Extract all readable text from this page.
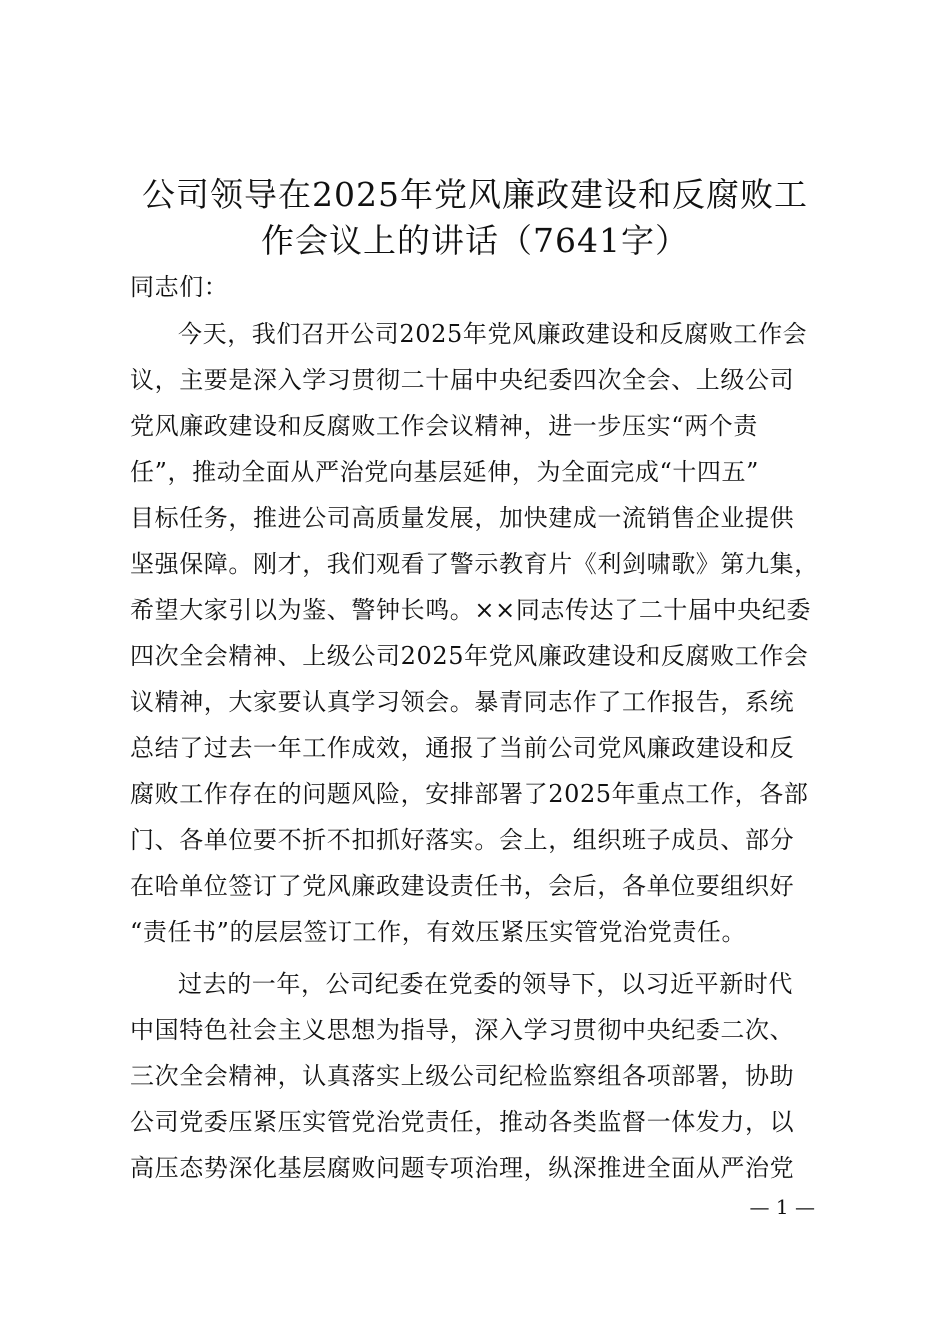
公司领导在2025年党风廉政建设和反腐败工
作会议上的讲话（7641字）
同志们：
今天，我们召开公司2025年党风廉政建设和反腐败工作会
议，主要是深入学习贯彻二十届中央纪委四次全会、上级公司
党风廉政建设和反腐败工作会议精神，进一步压实“两个责
任”，推动全面从严治党向基层延伸，为全面完成“十四五”
目标任务，推进公司高质量发展，加快建成一流销售企业提供
坚强保障。刚才，我们观看了警示教育片《利剑啸歌》第九集，
希望大家引以为鉴、警钟长鸣。××同志传达了二十届中央纪委
四次全会精神、上级公司2025年党风廉政建设和反腐败工作会
议精神，大家要认真学习领会。暴青同志作了工作报告，系统
总结了过去一年工作成效，通报了当前公司党风廉政建设和反
腐败工作存在的问题风险，安排部署了2025年重点工作，各部
门、各单位要不折不扣抓好落实。会上，组织班子成员、部分
在哈单位签订了党风廉政建设责任书，会后，各单位要组织好
“责任书”的层层签订工作，有效压紧压实管党治党责任。
过去的一年，公司纪委在党委的领导下，以习近平新时代
中国特色社会主义思想为指导，深入学习贯彻中央纪委二次、
三次全会精神，认真落实上级公司纪检监察组各项部署，协助
公司党委压紧压实管党治党责任，推动各类监督一体发力，以
高压态势深化基层腐败问题专项治理，纵深推进全面从严治党
— 1 —
